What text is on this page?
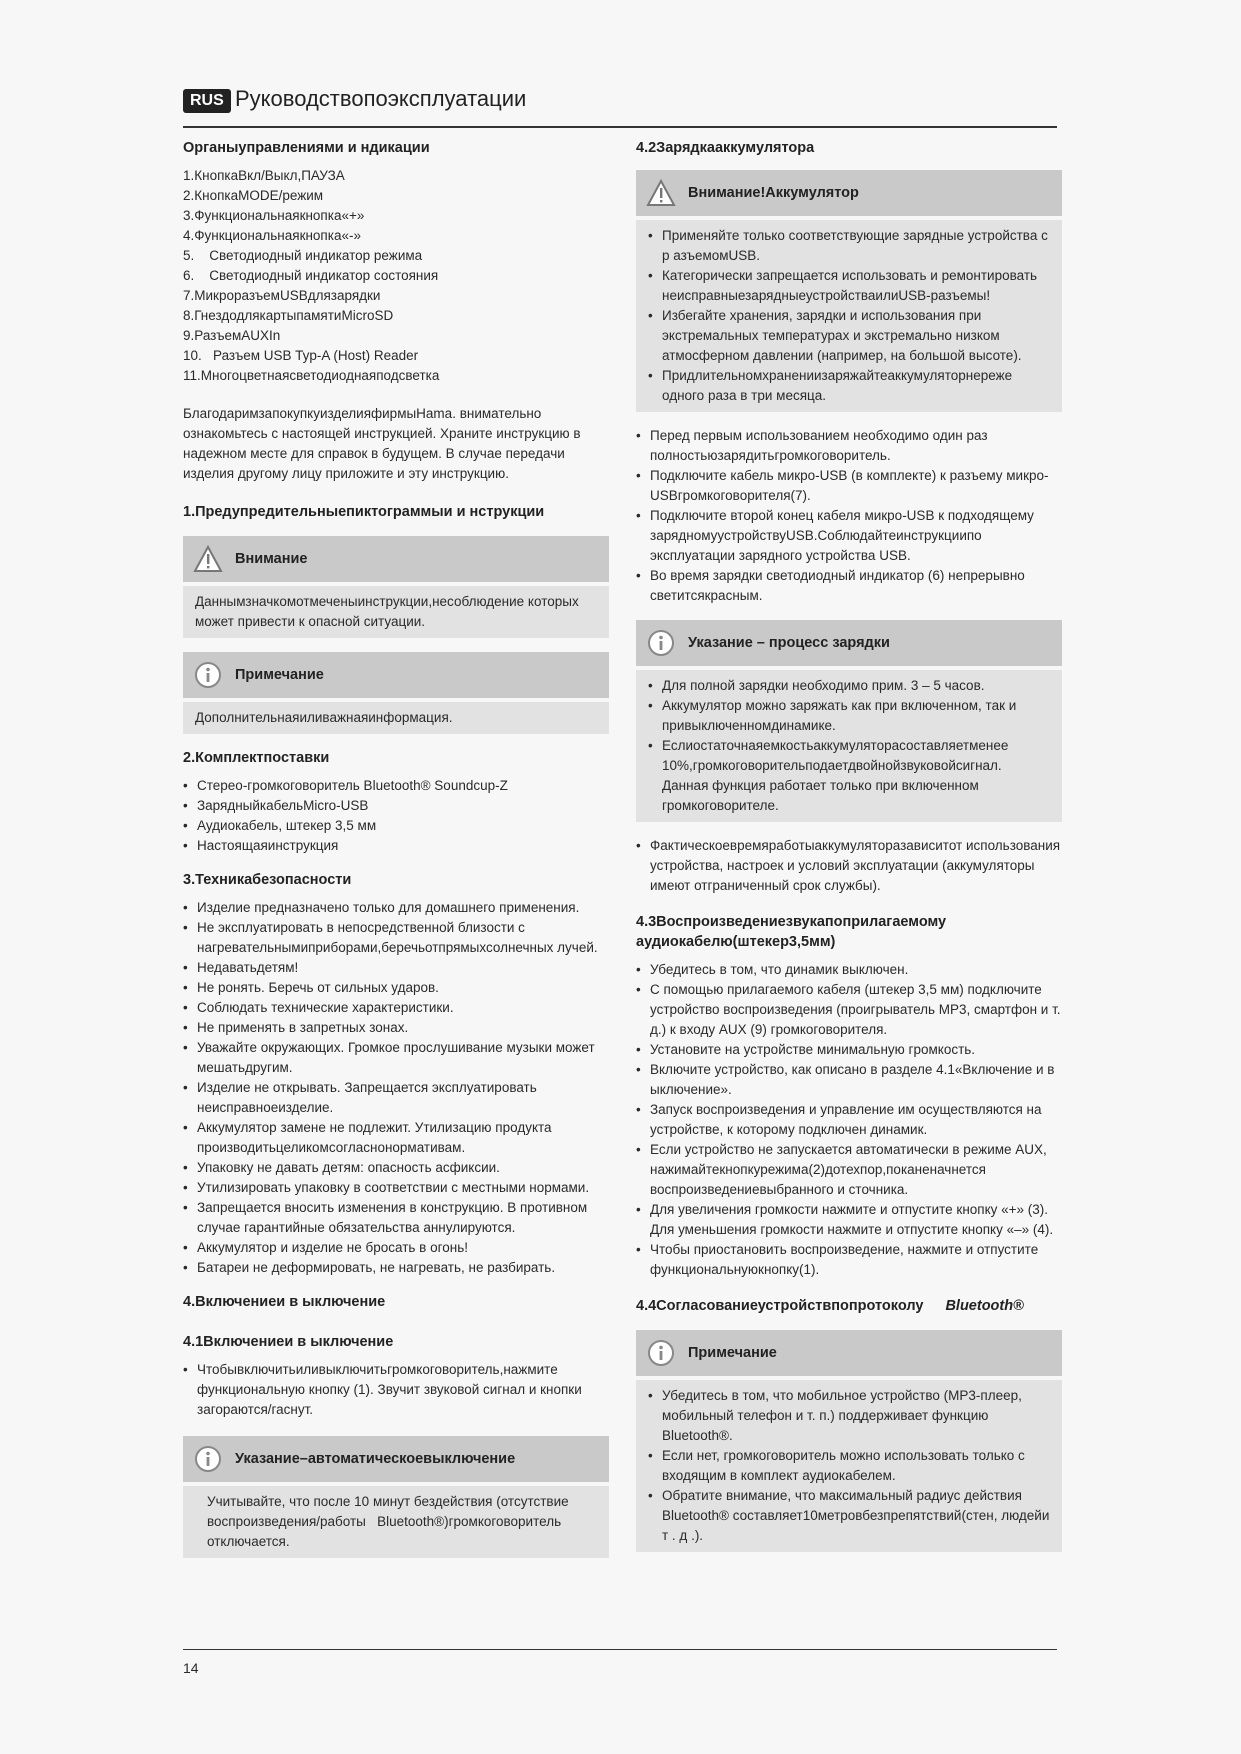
RUS Руководствопоэксплуатации
Органыуправлениями и ндикации
1.КнопкаВкл/Выкл,ПАУЗА
2.КнопкаMODE/режим
3.Функциональнаякнопка«+»
4.Функциональнаякнопка«-»
5.    Светодиодный индикатор режима
6.    Светодиодный индикатор состояния
7.МикроразъемUSBдлязарядки
8.ГнездодлякартыпамятиMicroSD
9.РазъемAUXIn
10.   Разъем USB Typ-A (Host) Reader
11.Многоцветнаясветодиоднаяподсветка

БлагодаримзапокупкуизделияфирмыHama. внимательно ознакомьтесь с настоящей инструкцией. Храните инструкцию в надежном месте для справок в будущем. В случае передачи изделия другому лицу приложите и эту инструкцию.

1.Предупредительныепиктограммыи и нструкции
Внимание

Даннымзначкомотмеченыинструкции,несоблюдение которых может привести к опасной ситуации.

Примечание

Дополнительнаяиливажнаяинформация.

2.Комплектпоставки
• Стерео-громкоговоритель Bluetooth® Soundcup-Z
• ЗарядныйкабельMicro-USB
• Аудиокабель, штекер 3,5 мм
• Настоящаяинструкция
3.Техникабезопасности
• Изделие предназначено только для домашнего применения.
• Не эксплуатировать в непосредственной близости с нагревательнымиприборами,беречьотпрямыхсолнечных лучей.
• Недаватьдетям!
• Не ронять. Беречь от сильных ударов.
• Соблюдать технические характеристики.
• Не применять в запретных зонах.
• Уважайте окружающих. Громкое прослушивание музыки может мешатьдругим.
• Изделие не открывать. Запрещается эксплуатировать неисправноеизделие.
• Аккумулятор замене не подлежит. Утилизацию продукта производитьцеликомсогласнонормативам.
• Упаковку не давать детям: опасность асфиксии.
• Утилизировать упаковку в соответствии с местными нормами.
• Запрещается вносить изменения в конструкцию. В противном случае гарантийные обязательства аннулируются.
• Аккумулятор и изделие не бросать в огонь!
• Батареи не деформировать, не нагревать, не разбирать.
4.Включениеи в ыключение
4.1Включениеи в ыключение
• Чтобывключитьиливыключитьгромкоговоритель,нажмите функциональную кнопку (1). Звучит звуковой сигнал и кнопки загораются/гаснут.
Указание–автоматическоевыключение

Учитывайте, что после 10 минут бездействия (отсутствие воспроизведения/работы   Bluetooth®)громкоговоритель отключается.

4.2Зарядкааккумулятора
Внимание!Аккумулятор
• Применяйте только соответствующие зарядные устройства с р азъемомUSB.
• Категорически запрещается использовать и ремонтировать неисправныезарядныеустройстваилиUSB-разъемы!
• Избегайте хранения, зарядки и использования при экстремальных температурах и экстремально низком атмосферном давлении (например, на большой высоте).
• Придлительномхранениизаряжайтеаккумуляторнереже одного раза в три месяца.
• Перед первым использованием необходимо один раз полностьюзарядитьгромкоговоритель.
• Подключите кабель микро-USB (в комплекте) к разъему микро-USBгромкоговорителя(7).
• Подключите второй конец кабеля микро-USB к подходящему зарядномуустройствуUSB.Соблюдайтеинструкциипо эксплуатации зарядного устройства USB.
• Во время зарядки светодиодный индикатор (6) непрерывно светитсякрасным.
Указание – процесс зарядки
• Для полной зарядки необходимо прим. 3 – 5 часов.
• Аккумулятор можно заряжать как при включенном, так и привыключенномдинамике.
• Еслиостаточнаяемкостьаккумуляторасоставляетменее 10%,громкоговорительподаетдвойнойзвуковойсигнал. Данная функция работает только при включенном громкоговорителе.
• Фактическоевремяработыаккумуляторазависитот использования устройства, настроек и условий эксплуатации (аккумуляторы имеют отграниченный срок службы).
4.3Воспроизведениезвукапоприлагаемому аудиокабелю(штекер3,5мм)
• Убедитесь в том, что динамик выключен.
• С помощью прилагаемого кабеля (штекер 3,5 мм) подключите устройство воспроизведения (проигрыватель MP3, смартфон и т. д.) к входу AUX (9) громкоговорителя.
• Установите на устройстве минимальную громкость.
• Включите устройство, как описано в разделе 4.1«Включение и в ыключение».
• Запуск воспроизведения и управление им осуществляются на устройстве, к которому подключен динамик.
• Если устройство не запускается автоматически в режиме AUX, нажимайтекнопкурежима(2)дотехпор,поканеначнется воспроизведениевыбранного и сточника.
• Для увеличения громкости нажмите и отпустите кнопку «+» (3). Для уменьшения громкости нажмите и отпустите кнопку «–» (4).
• Чтобы приостановить воспроизведение, нажмите и отпустите функциональнуюкнопку(1).
4.4Согласованиеустройствпопротоколу Bluetooth®
Примечание
• Убедитесь в том, что мобильное устройство (MP3-плеер, мобильный телефон и т. п.) поддерживает функцию Bluetooth®.
• Если нет, громкоговоритель можно использовать только с входящим в комплект аудиокабелем.
• Обратите внимание, что максимальный радиус действия Bluetooth® составляет10метровбезпрепятствий(стен, людейи т . д .).
14
